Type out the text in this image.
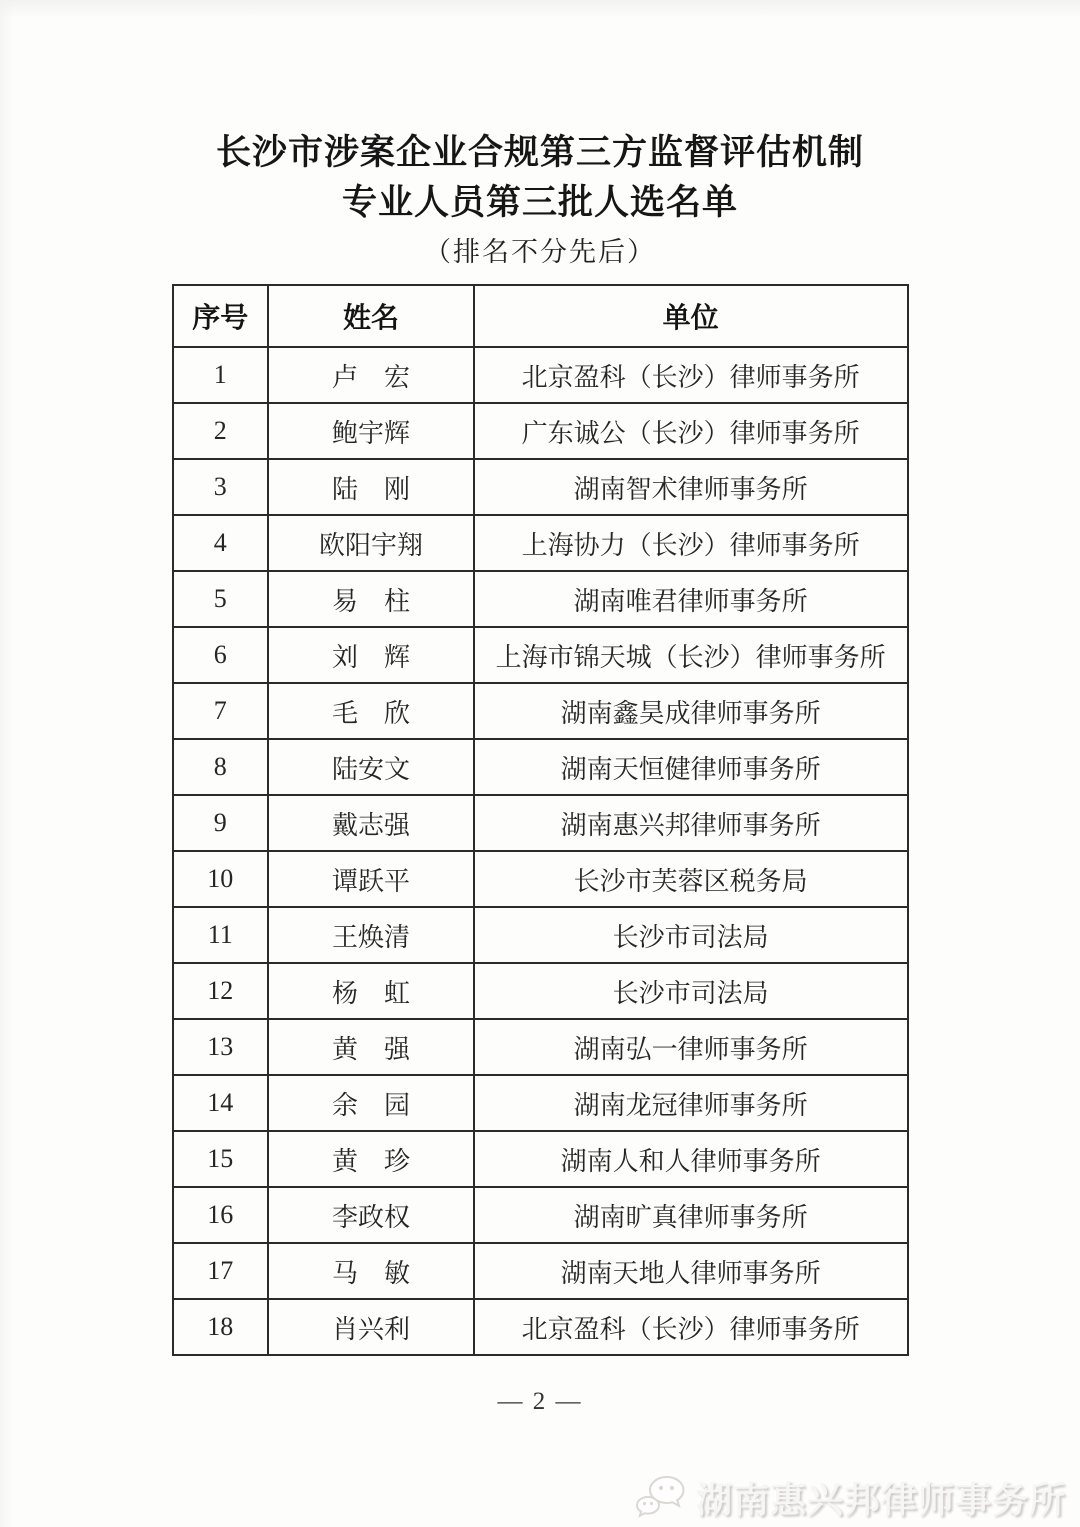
长沙市涉案企业合规第三方监督评估机制
专业人员第三批人选名单
（排名不分先后）
序号	姓名	单位
1	卢　宏	北京盈科（长沙）律师事务所
2	鲍宇辉	广东诚公（长沙）律师事务所
3	陆　刚	湖南智术律师事务所
4	欧阳宇翔	上海协力（长沙）律师事务所
5	易　柱	湖南唯君律师事务所
6	刘　辉	上海市锦天城（长沙）律师事务所
7	毛　欣	湖南鑫昊成律师事务所
8	陆安文	湖南天恒健律师事务所
9	戴志强	湖南惠兴邦律师事务所
10	谭跃平	长沙市芙蓉区税务局
11	王焕清	长沙市司法局
12	杨　虹	长沙市司法局
13	黄　强	湖南弘一律师事务所
14	余　园	湖南龙冠律师事务所
15	黄　珍	湖南人和人律师事务所
16	李政权	湖南旷真律师事务所
17	马　敏	湖南天地人律师事务所
18	肖兴利	北京盈科（长沙）律师事务所
— 2 —
湖南惠兴邦律师事务所
